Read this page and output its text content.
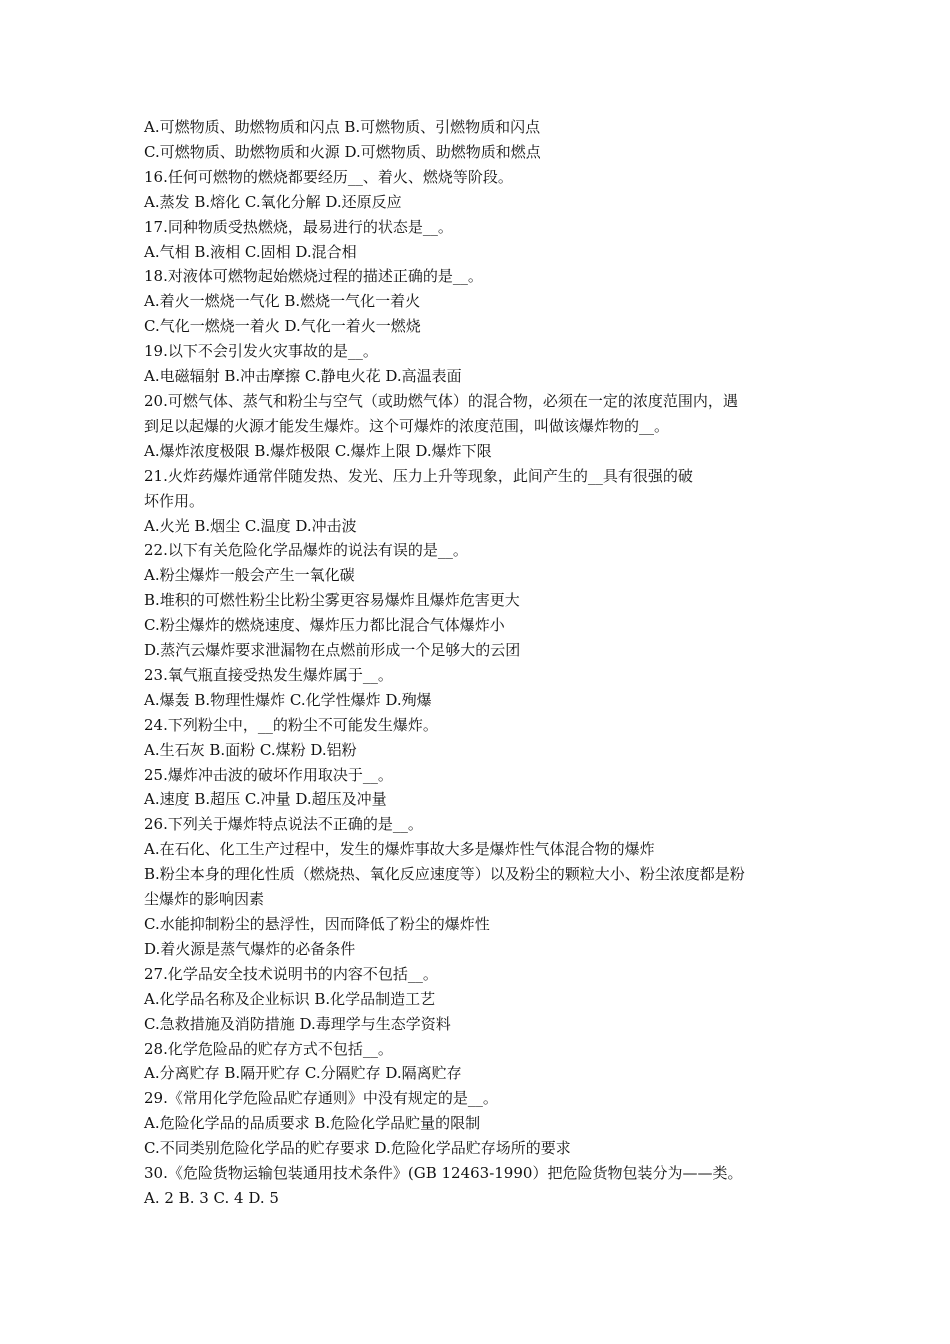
A.可燃物质、助燃物质和闪点 B.可燃物质、引燃物质和闪点
C.可燃物质、助燃物质和火源 D.可燃物质、助燃物质和燃点
16.任何可燃物的燃烧都要经历__、着火、燃烧等阶段。
A.蒸发 B.熔化 C.氧化分解 D.还原反应
17.同种物质受热燃烧，最易进行的状态是__。
A.气相 B.液相 C.固相 D.混合相
18.对液体可燃物起始燃烧过程的描述正确的是__。
A.着火一燃烧一气化 B.燃烧一气化一着火
C.气化一燃烧一着火 D.气化一着火一燃烧
19.以下不会引发火灾事故的是__。
A.电磁辐射 B.冲击摩擦 C.静电火花 D.高温表面
20.可燃气体、蒸气和粉尘与空气（或助燃气体）的混合物，必须在一定的浓度范围内，遇
到足以起爆的火源才能发生爆炸。这个可爆炸的浓度范围，叫做该爆炸物的__。
A.爆炸浓度极限 B.爆炸极限 C.爆炸上限 D.爆炸下限
21.火炸药爆炸通常伴随发热、发光、压力上升等现象，此间产生的__具有很强的破
坏作用。
A.火光 B.烟尘 C.温度 D.冲击波
22.以下有关危险化学品爆炸的说法有误的是__。
A.粉尘爆炸一般会产生一氧化碳
B.堆积的可燃性粉尘比粉尘雾更容易爆炸且爆炸危害更大
C.粉尘爆炸的燃烧速度、爆炸压力都比混合气体爆炸小
D.蒸汽云爆炸要求泄漏物在点燃前形成一个足够大的云团
23.氧气瓶直接受热发生爆炸属于__。
A.爆轰 B.物理性爆炸 C.化学性爆炸 D.殉爆
24.下列粉尘中，__的粉尘不可能发生爆炸。
A.生石灰 B.面粉 C.煤粉 D.铝粉
25.爆炸冲击波的破坏作用取决于__。
A.速度 B.超压 C.冲量 D.超压及冲量
26.下列关于爆炸特点说法不正确的是__。
A.在石化、化工生产过程中，发生的爆炸事故大多是爆炸性气体混合物的爆炸
B.粉尘本身的理化性质（燃烧热、氧化反应速度等）以及粉尘的颗粒大小、粉尘浓度都是粉
尘爆炸的影响因素
C.水能抑制粉尘的悬浮性，因而降低了粉尘的爆炸性
D.着火源是蒸气爆炸的必备条件
27.化学品安全技术说明书的内容不包括__。
A.化学品名称及企业标识 B.化学品制造工艺
C.急救措施及消防措施 D.毒理学与生态学资料
28.化学危险品的贮存方式不包括__。
A.分离贮存 B.隔开贮存 C.分隔贮存 D.隔离贮存
29.《常用化学危险品贮存通则》中没有规定的是__。
A.危险化学品的品质要求 B.危险化学品贮量的限制
C.不同类别危险化学品的贮存要求 D.危险化学品贮存场所的要求
30.《危险货物运输包装通用技术条件》(GB 12463-1990）把危险货物包装分为——类。
A. 2 B. 3 C. 4 D. 5
